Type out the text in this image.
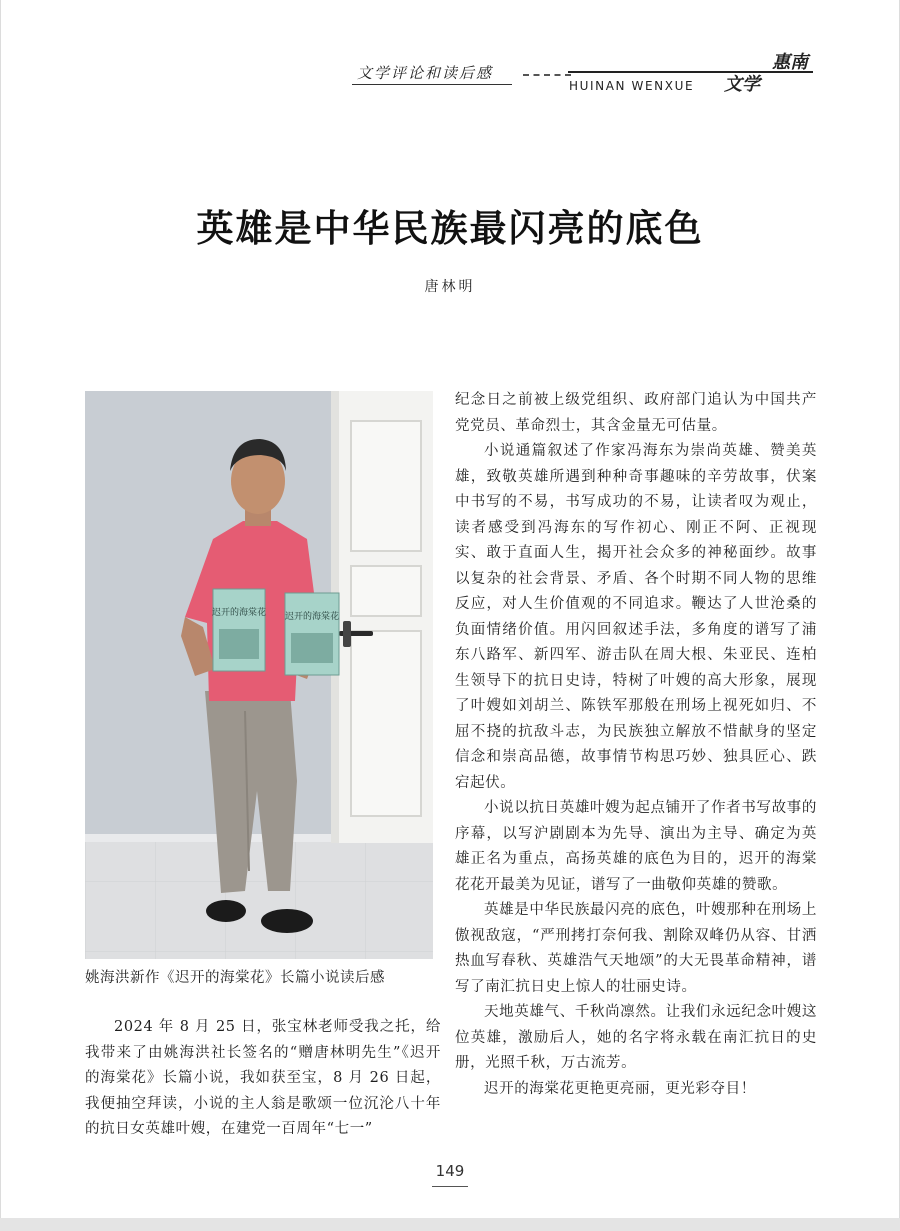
文学评论和读后感	惠南
文学
HUINAN WENXUE
英雄是中华民族最闪亮的底色
唐林明
迟开的海棠花 迟开的海棠花
姚海洪新作《迟开的海棠花》长篇小说读后感

2024 年 8 月 25 日，张宝林老师受我之托，给我带来了由姚海洪社长签名的“赠唐林明先生”《迟开的海棠花》长篇小说，我如获至宝，8 月 26 日起，我便抽空拜读，小说的主人翁是歌颂一位沉沦八十年的抗日女英雄叶嫂，在建党一百周年“七一”

纪念日之前被上级党组织、政府部门追认为中国共产党党员、革命烈士，其含金量无可估量。

小说通篇叙述了作家冯海东为崇尚英雄、赞美英雄，致敬英雄所遇到种种奇事趣味的辛劳故事，伏案中书写的不易，书写成功的不易，让读者叹为观止，读者感受到冯海东的写作初心、刚正不阿、正视现实、敢于直面人生，揭开社会众多的神秘面纱。故事以复杂的社会背景、矛盾、各个时期不同人物的思维反应，对人生价值观的不同追求。鞭达了人世沧桑的负面情绪价值。用闪回叙述手法，多角度的谱写了浦东八路军、新四军、游击队在周大根、朱亚民、连柏生领导下的抗日史诗，特树了叶嫂的高大形象，展现了叶嫂如刘胡兰、陈铁军那般在刑场上视死如归、不屈不挠的抗敌斗志，为民族独立解放不惜献身的坚定信念和崇高品德，故事情节构思巧妙、独具匠心、跌宕起伏。

小说以抗日英雄叶嫂为起点铺开了作者书写故事的序幕，以写沪剧剧本为先导、演出为主导、确定为英雄正名为重点，高扬英雄的底色为目的，迟开的海棠花花开最美为见证，谱写了一曲敬仰英雄的赞歌。

英雄是中华民族最闪亮的底色，叶嫂那种在刑场上傲视敌寇，“严刑拷打奈何我、割除双峰仍从容、甘洒热血写春秋、英雄浩气天地颂”的大无畏革命精神，谱写了南汇抗日史上惊人的壮丽史诗。

天地英雄气、千秋尚凛然。让我们永远纪念叶嫂这位英雄，激励后人，她的名字将永载在南汇抗日的史册，光照千秋，万古流芳。

迟开的海棠花更艳更亮丽，更光彩夺目！

149
